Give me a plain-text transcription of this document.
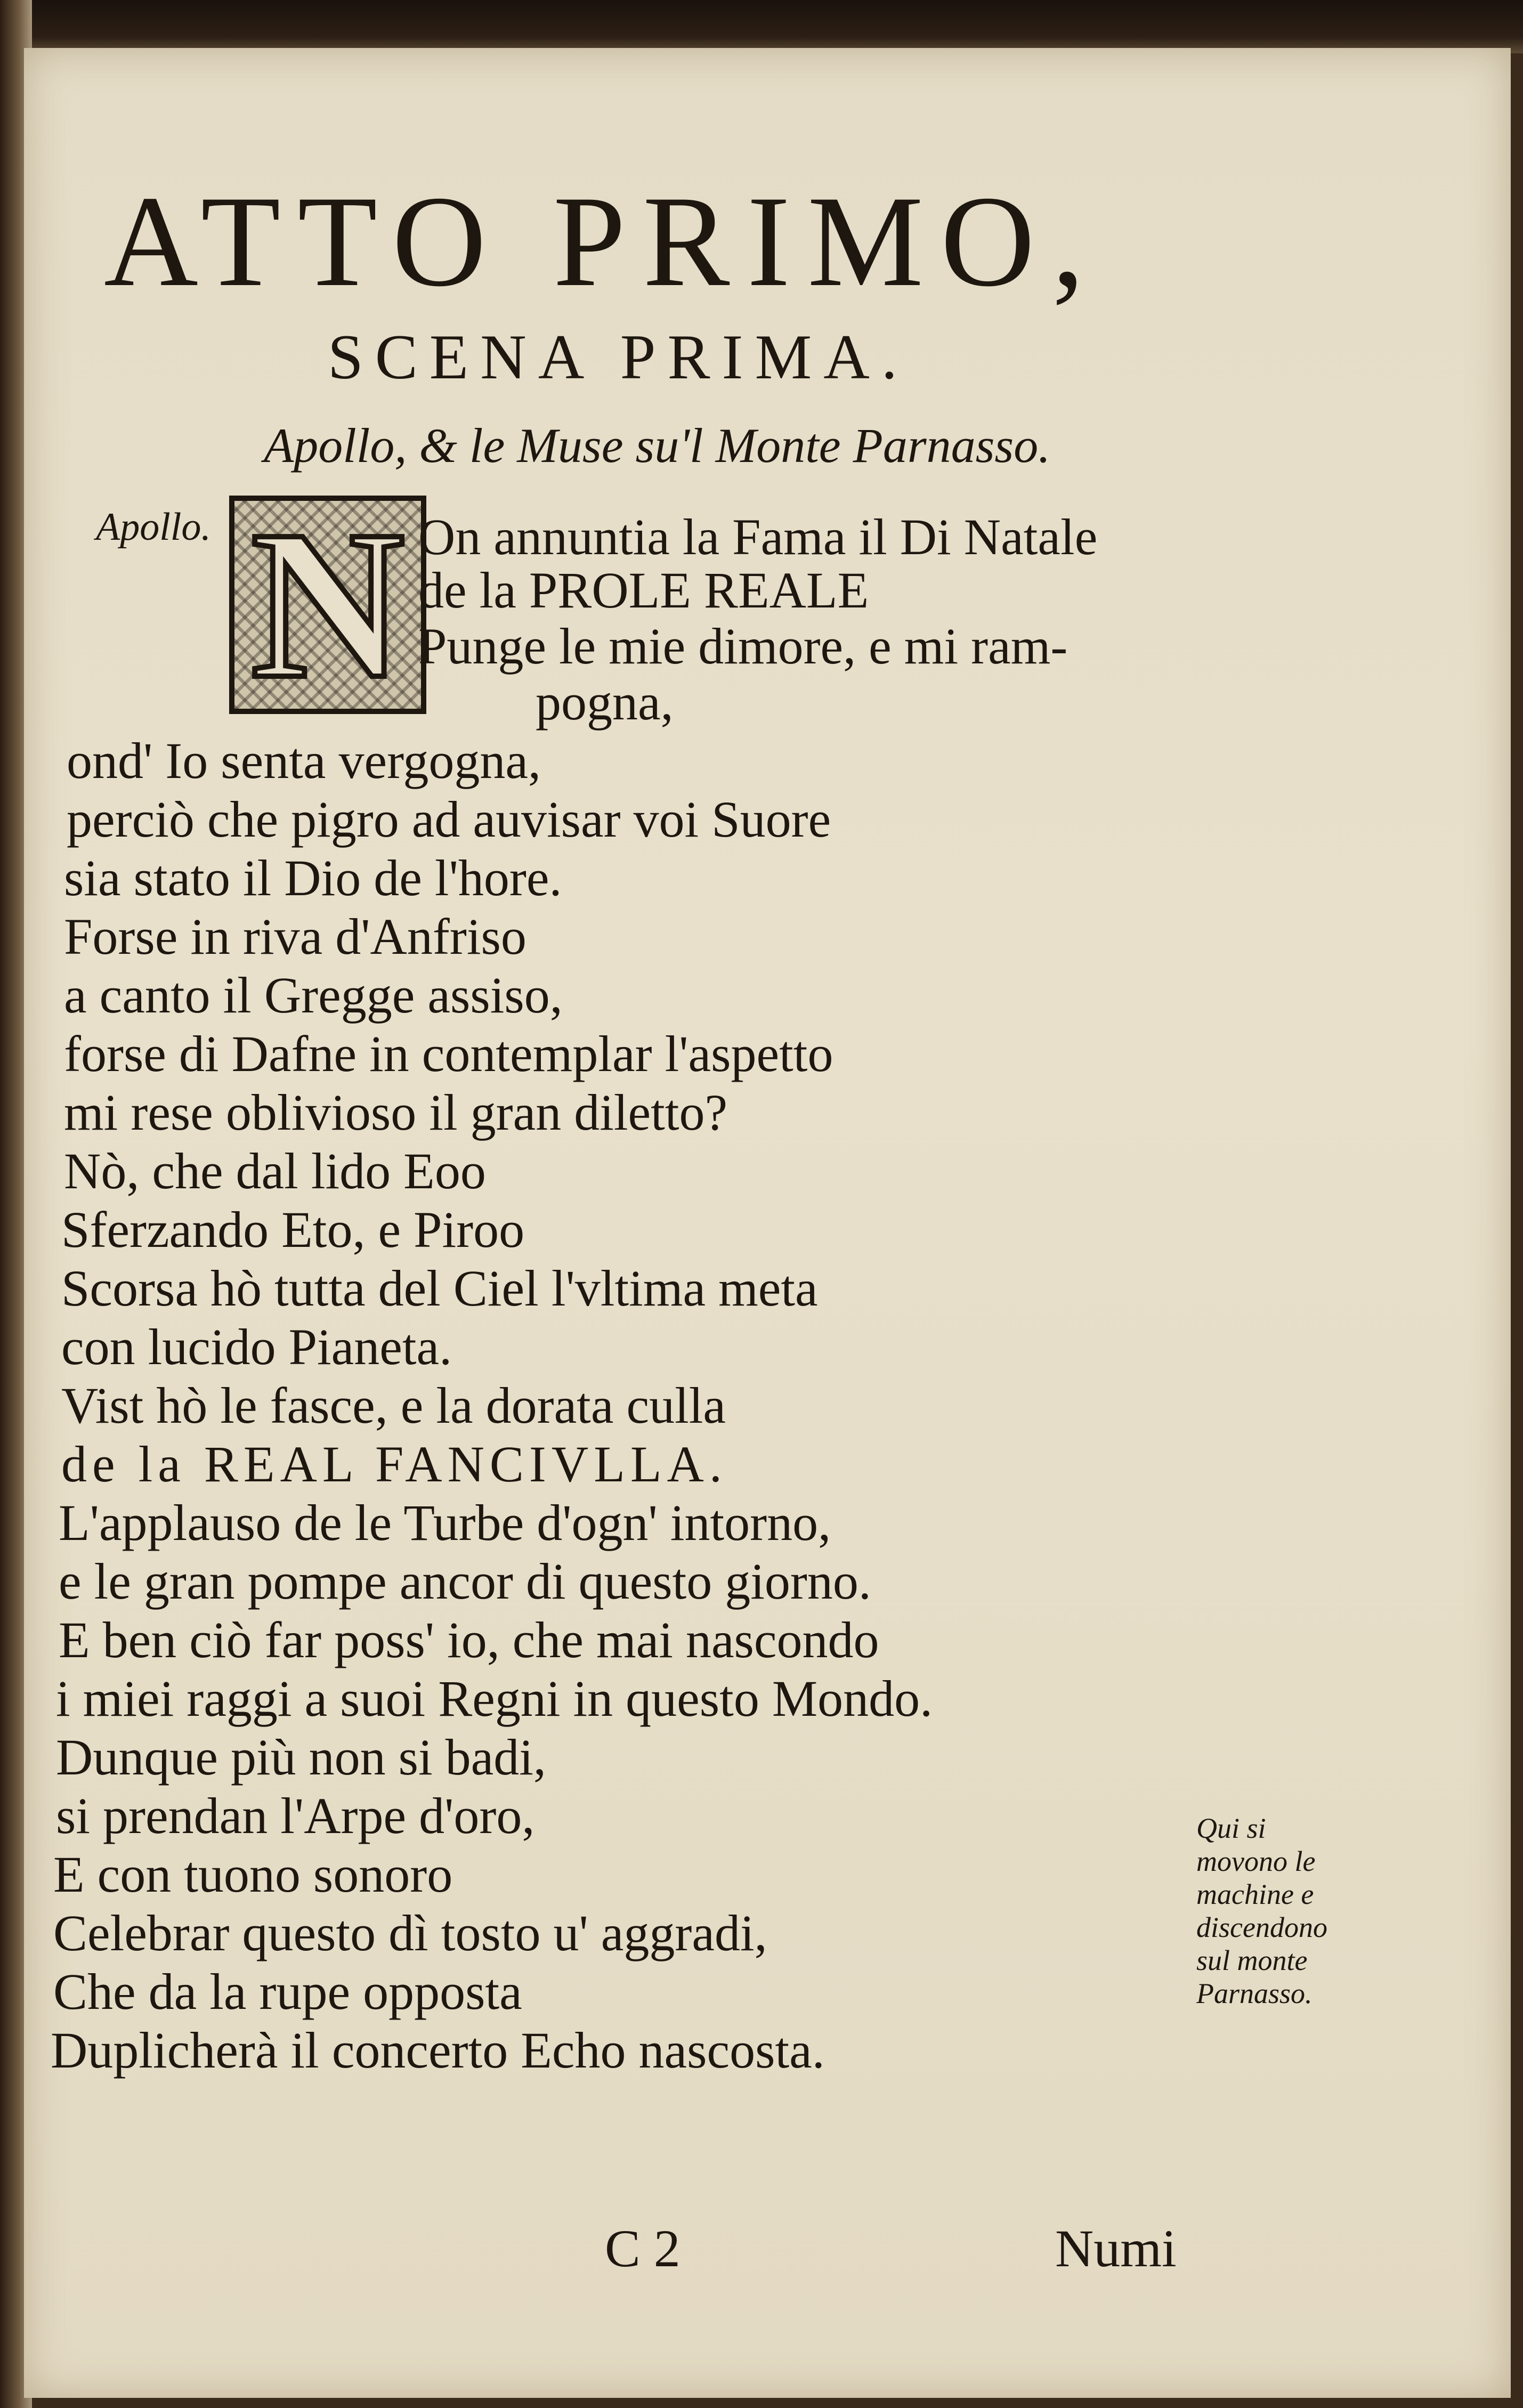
ATTO PRIMO,
SCENA PRIMA.
Apollo, & le Muse su'l Monte Parnasso.
Apollo. N On annuntia la Fama il Di Natale
de la PROLE REALE
Punge le mie dimore, e mi ram-
pogna,
ond' Io senta vergogna,
perciò che pigro ad auvisar voi Suore
sia stato il Dio de l'hore.
Forse in riva d'Anfriso
a canto il Gregge assiso,
forse di Dafne in contemplar l'aspetto
mi rese oblivioso il gran diletto?
Nò, che dal lido Eoo
Sferzando Eto, e Piroo
Scorsa hò tutta del Ciel l'vltima meta
con lucido Pianeta.
Vist hò le fasce, e la dorata culla
de la REAL FANCIVLLA.
L'applauso de le Turbe d'ogn' intorno,
e le gran pompe ancor di questo giorno.
E ben ciò far poss' io, che mai nascondo
i miei raggi a suoi Regni in questo Mondo.
Dunque più non si badi,
si prendan l'Arpe d'oro,
E con tuono sonoro
Celebrar questo dì tosto u' aggradi,
Che da la rupe opposta
Duplicherà il concerto Echo nascosta.
Qui si movono le machine e discendono sul monte Parnasso.
C 2	Numi
